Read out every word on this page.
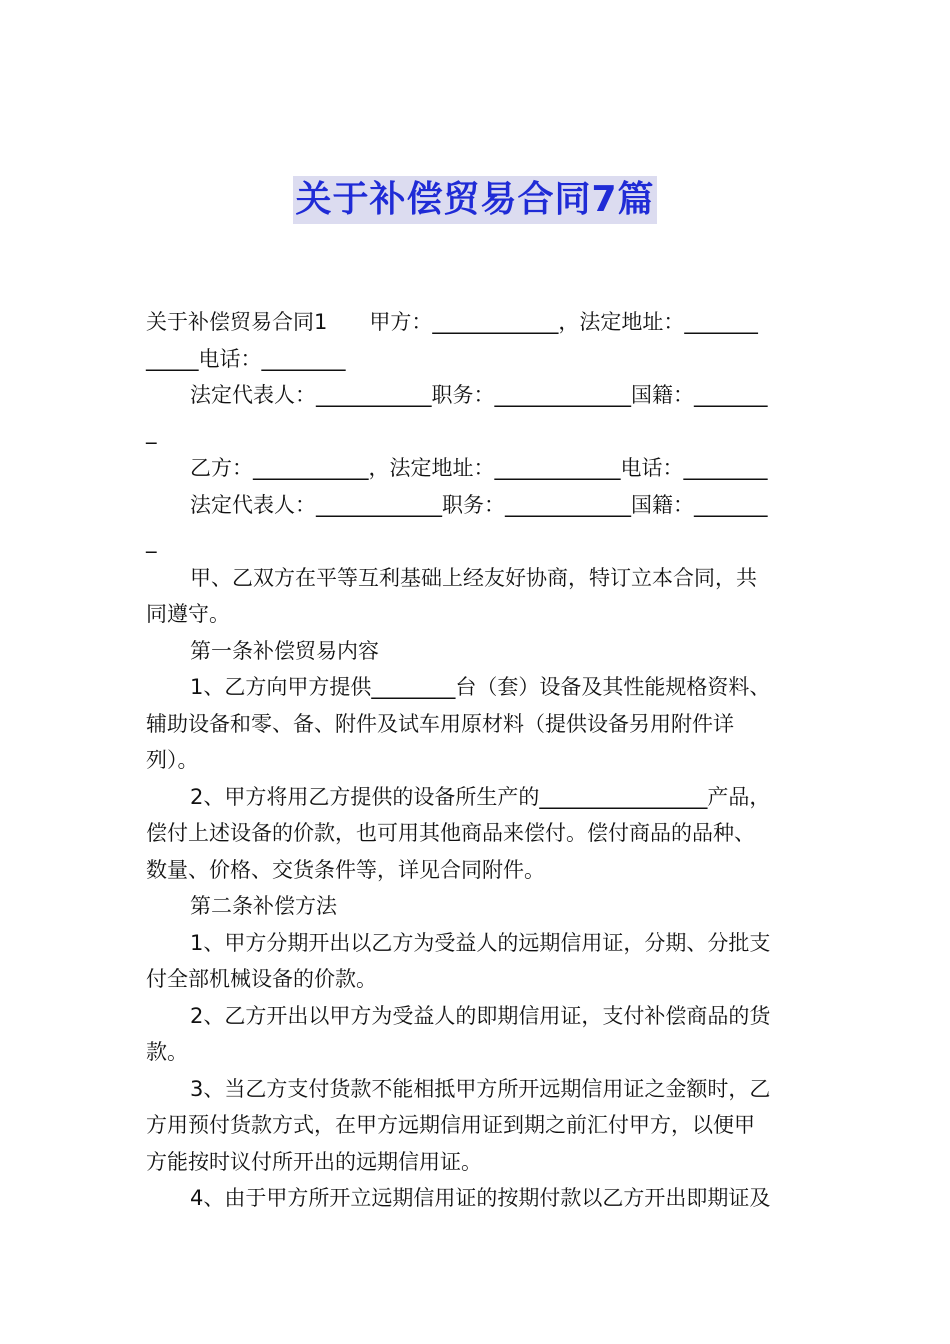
关于补偿贸易合同7篇
关于补偿贸易合同1　　甲方：____________，法定地址：_______
_____电话：________
法定代表人：___________职务：_____________国籍：_______
_
乙方：___________，法定地址：____________电话：________
法定代表人：____________职务：____________国籍：_______
_
甲、乙双方在平等互利基础上经友好协商，特订立本合同，共
同遵守。
第一条补偿贸易内容
1、乙方向甲方提供________台（套）设备及其性能规格资料、
辅助设备和零、备、附件及试车用原材料（提供设备另用附件详
列）。
2、甲方将用乙方提供的设备所生产的________________产品，
偿付上述设备的价款，也可用其他商品来偿付。偿付商品的品种、
数量、价格、交货条件等，详见合同附件。
第二条补偿方法
1、甲方分期开出以乙方为受益人的远期信用证，分期、分批支
付全部机械设备的价款。
2、乙方开出以甲方为受益人的即期信用证，支付补偿商品的货
款。
3、当乙方支付货款不能相抵甲方所开远期信用证之金额时，乙
方用预付货款方式，在甲方远期信用证到期之前汇付甲方，以便甲
方能按时议付所开出的远期信用证。
4、由于甲方所开立远期信用证的按期付款以乙方开出即期证及
